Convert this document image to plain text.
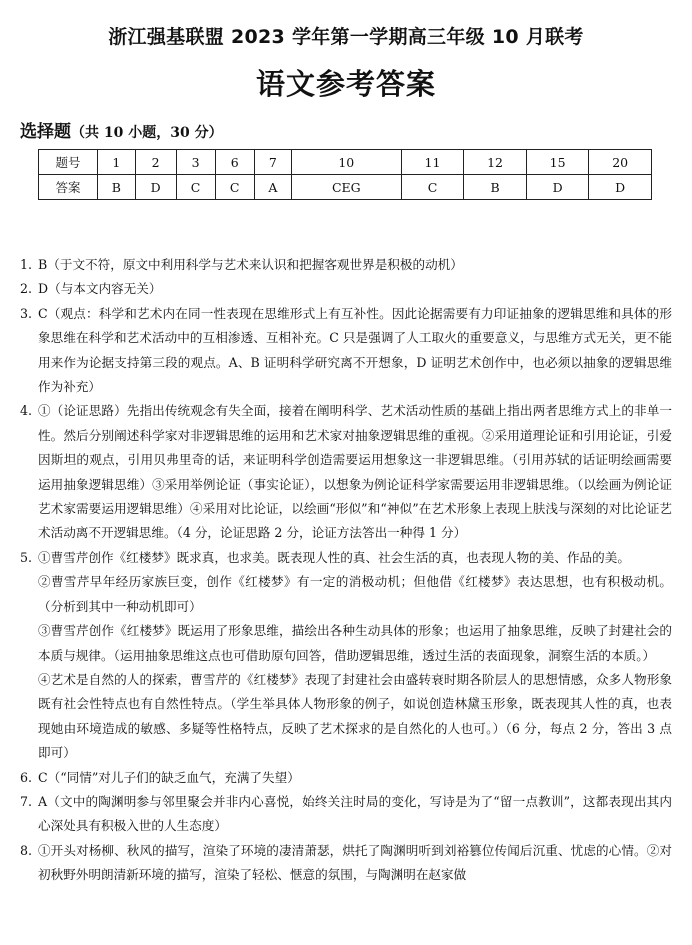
浙江强基联盟 2023 学年第一学期高三年级 10 月联考
语文参考答案
选择题（共 10 小题，30 分）
题号	1	2	3	6	7	10	11	12	15	20
答案	B	D	C	C	A	CEG	C	B	D	D
1. B（于文不符，原文中利用科学与艺术来认识和把握客观世界是积极的动机）

2. D（与本文内容无关）

3. C（观点：科学和艺术内在同一性表现在思维形式上有互补性。因此论据需要有力印证抽象的逻辑思维和具体的形象思维在科学和艺术活动中的互相渗透、互相补充。C 只是强调了人工取火的重要意义，与思维方式无关，更不能用来作为论据支持第三段的观点。A、B 证明科学研究离不开想象，D 证明艺术创作中，也必须以抽象的逻辑思维作为补充）

4. ①（论证思路）先指出传统观念有失全面，接着在阐明科学、艺术活动性质的基础上指出两者思维方式上的非单一性。然后分别阐述科学家对非逻辑思维的运用和艺术家对抽象逻辑思维的重视。②采用道理论证和引用论证，引爱因斯坦的观点，引用贝弗里奇的话，来证明科学创造需要运用想象这一非逻辑思维。（引用苏轼的话证明绘画需要运用抽象逻辑思维）③采用举例论证（事实论证），以想象为例论证科学家需要运用非逻辑思维。（以绘画为例论证艺术家需要运用逻辑思维）④采用对比论证，以绘画“形似”和“神似”在艺术形象上表现上肤浅与深刻的对比论证艺术活动离不开逻辑思维。（4 分，论证思路 2 分，论证方法答出一种得 1 分）

5. ①曹雪芹创作《红楼梦》既求真，也求美。既表现人性的真、社会生活的真，也表现人物的美、作品的美。

②曹雪芹早年经历家族巨变，创作《红楼梦》有一定的消极动机；但他借《红楼梦》表达思想，也有积极动机。（分析到其中一种动机即可）

③曹雪芹创作《红楼梦》既运用了形象思维，描绘出各种生动具体的形象；也运用了抽象思维，反映了封建社会的本质与规律。（运用抽象思维这点也可借助原句回答，借助逻辑思维，透过生活的表面现象，洞察生活的本质。）

④艺术是自然的人的探索，曹雪芹的《红楼梦》表现了封建社会由盛转衰时期各阶层人的思想情感，众多人物形象既有社会性特点也有自然性特点。（学生举具体人物形象的例子，如说创造林黛玉形象，既表现其人性的真，也表现她由环境造成的敏感、多疑等性格特点，反映了艺术探求的是自然化的人也可。）（6 分，每点 2 分，答出 3 点即可）

6. C（“同情”对儿子们的缺乏血气，充满了失望）

7. A（文中的陶渊明参与邻里聚会并非内心喜悦，始终关注时局的变化，写诗是为了“留一点教训”，这都表现出其内心深处具有积极入世的人生态度）

8. ①开头对杨柳、秋风的描写，渲染了环境的凄清萧瑟，烘托了陶渊明听到刘裕篡位传闻后沉重、忧虑的心情。②对初秋野外明朗清新环境的描写，渲染了轻松、惬意的氛围，与陶渊明在赵家做
